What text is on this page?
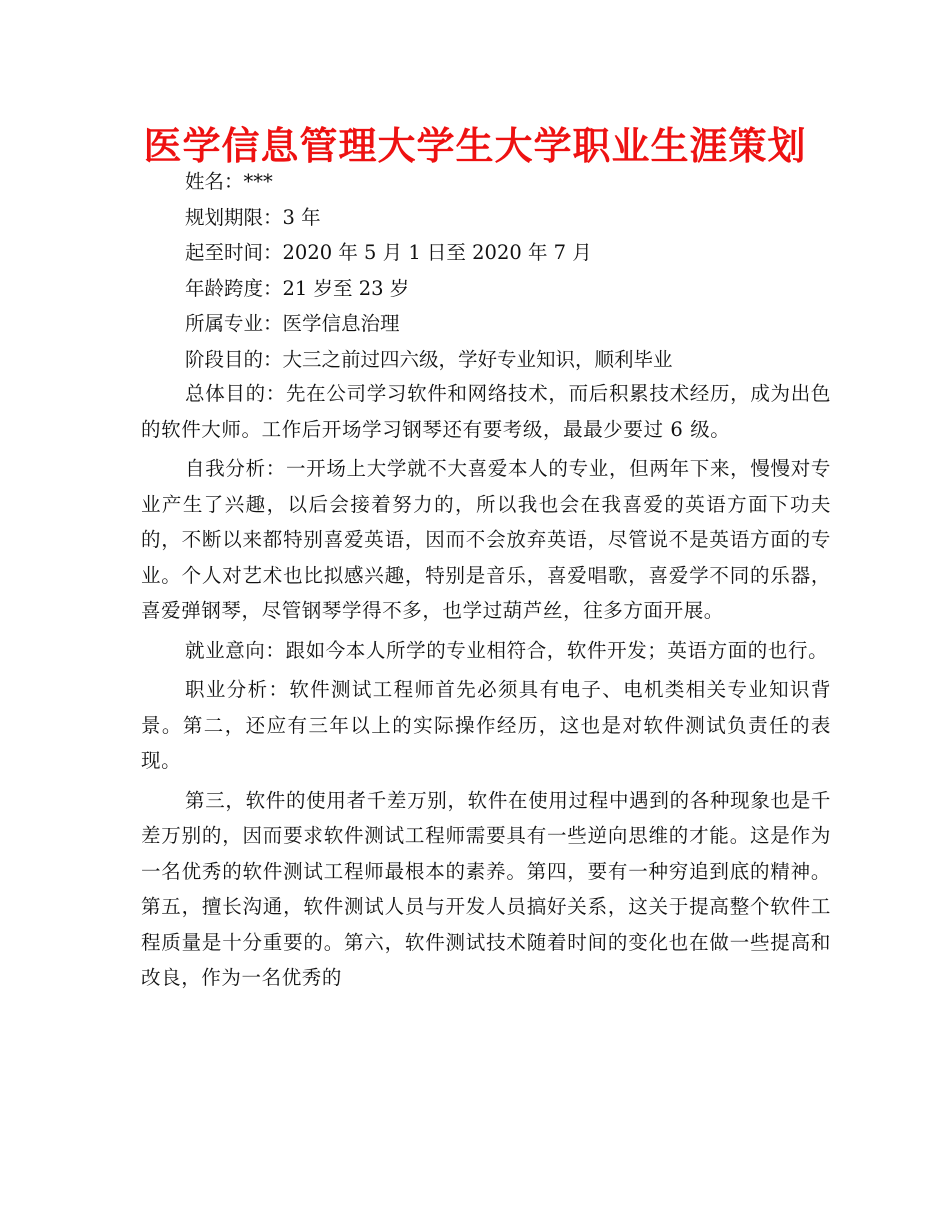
医学信息管理大学生大学职业生涯策划
姓名：***
规划期限：3 年
起至时间：2020 年 5 月 1 日至 2020 年 7 月
年龄跨度：21 岁至 23 岁
所属专业：医学信息治理
阶段目的：大三之前过四六级，学好专业知识，顺利毕业

总体目的：先在公司学习软件和网络技术，而后积累技术经历，成为出色的软件大师。工作后开场学习钢琴还有要考级，最最少要过 6 级。

自我分析：一开场上大学就不大喜爱本人的专业，但两年下来，慢慢对专业产生了兴趣，以后会接着努力的，所以我也会在我喜爱的英语方面下功夫的，不断以来都特别喜爱英语，因而不会放弃英语，尽管说不是英语方面的专业。个人对艺术也比拟感兴趣，特别是音乐，喜爱唱歌，喜爱学不同的乐器，喜爱弹钢琴，尽管钢琴学得不多，也学过葫芦丝，往多方面开展。

就业意向：跟如今本人所学的专业相符合，软件开发；英语方面的也行。

职业分析：软件测试工程师首先必须具有电子、电机类相关专业知识背景。第二，还应有三年以上的实际操作经历，这也是对软件测试负责任的表现。

第三，软件的使用者千差万别，软件在使用过程中遇到的各种现象也是千差万别的，因而要求软件测试工程师需要具有一些逆向思维的才能。这是作为一名优秀的软件测试工程师最根本的素养。第四，要有一种穷追到底的精神。第五，擅长沟通，软件测试人员与开发人员搞好关系，这关于提高整个软件工程质量是十分重要的。第六，软件测试技术随着时间的变化也在做一些提高和改良，作为一名优秀的
